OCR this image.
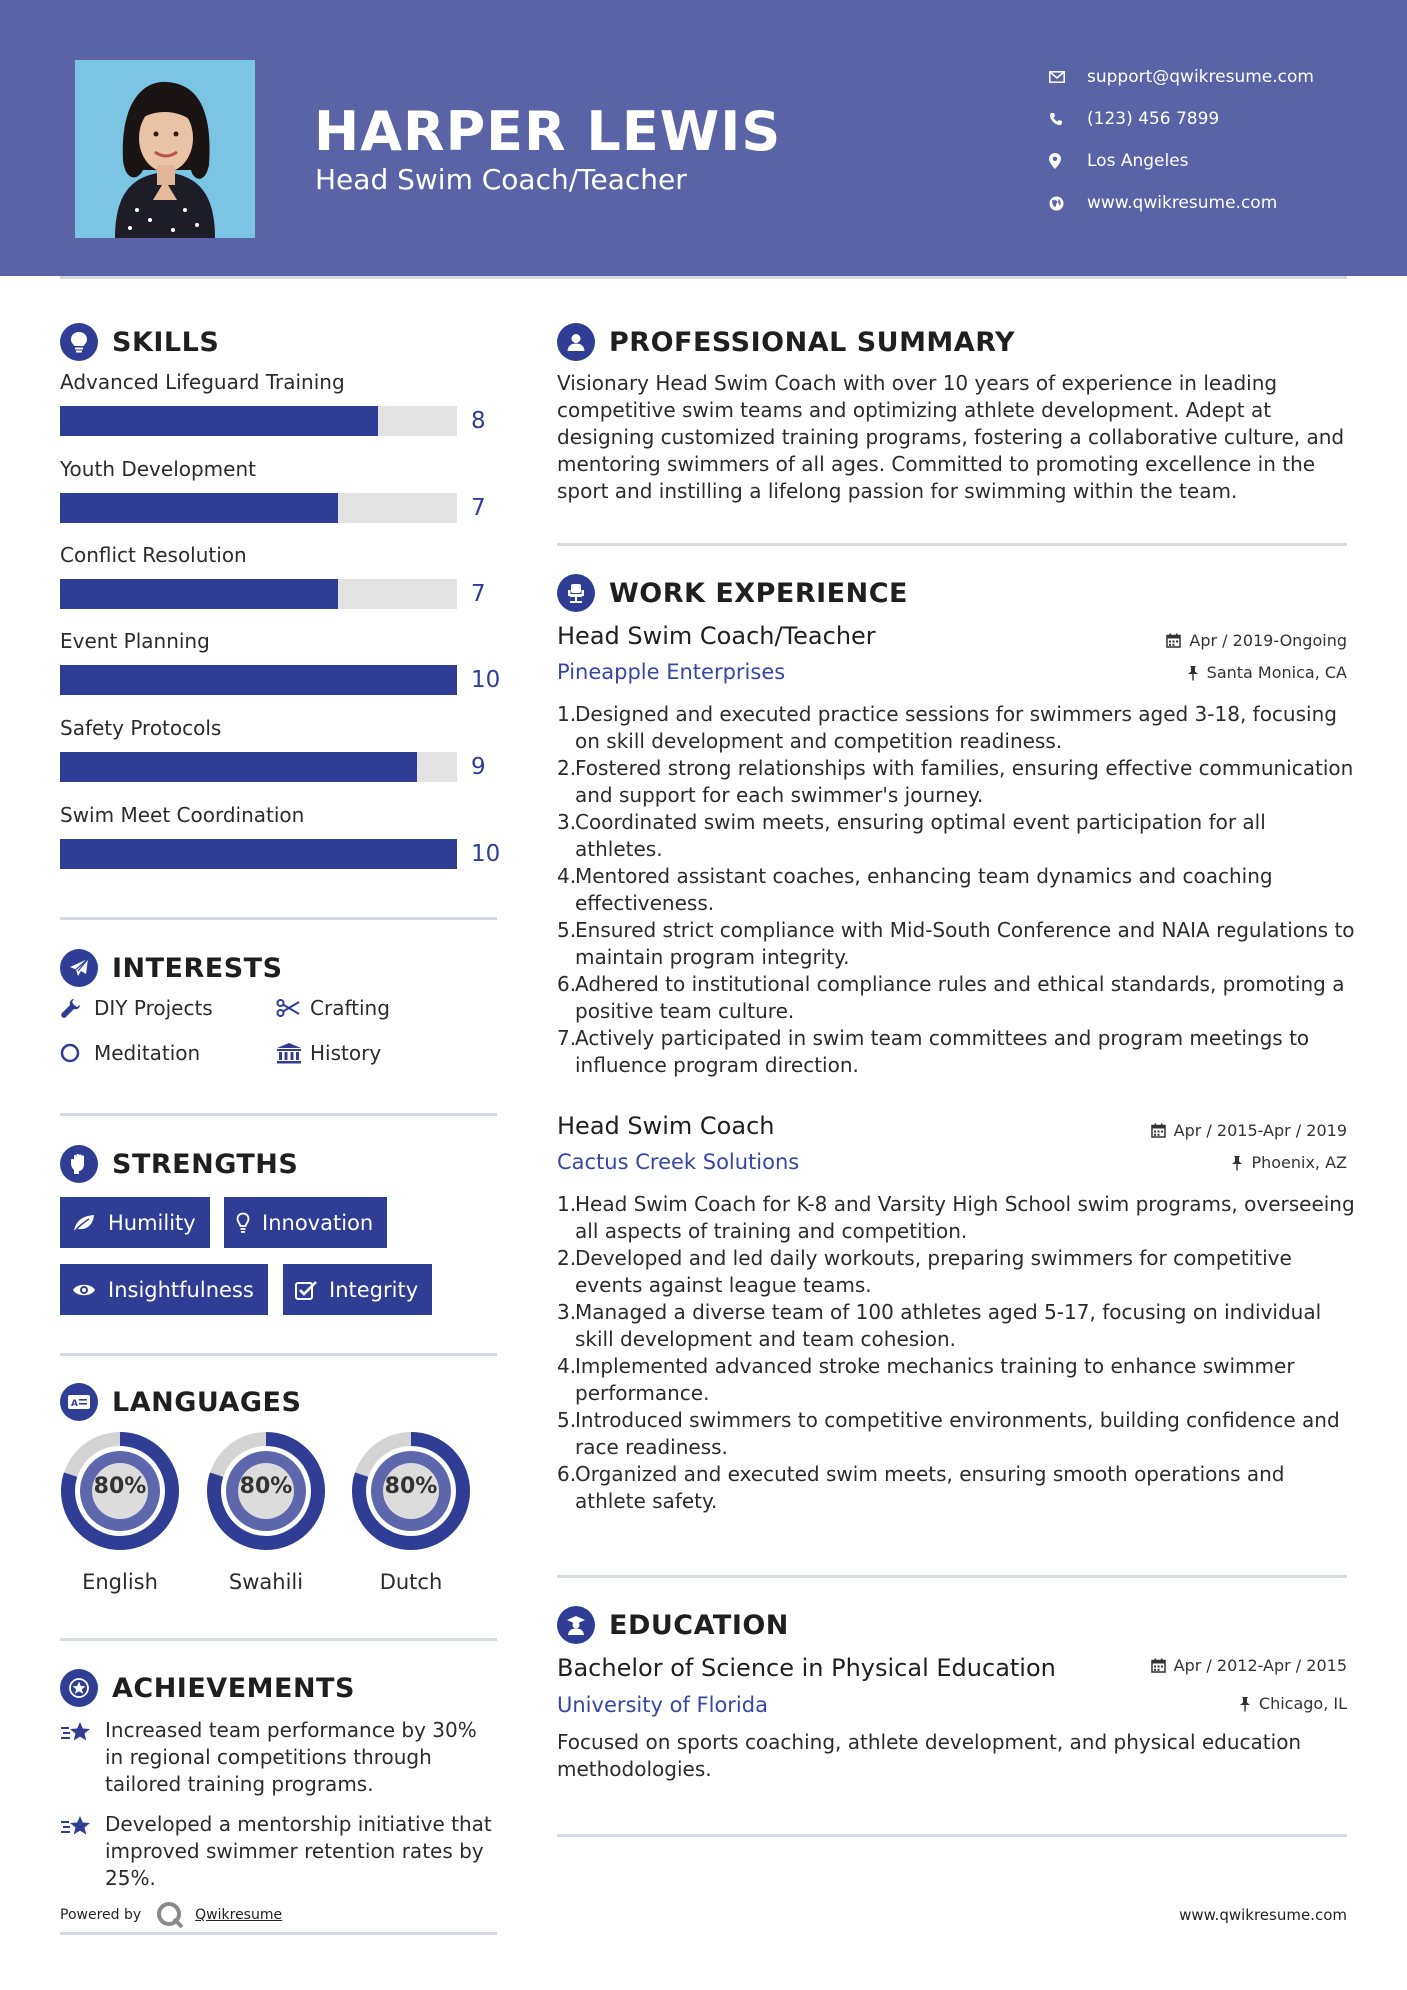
HARPER LEWIS
Head Swim Coach/Teacher
support@qwikresume.com
(123) 456 7899
Los Angeles
www.qwikresume.com
SKILLS
Advanced Lifeguard Training
8
Youth Development
7
Conflict Resolution
7
Event Planning
10
Safety Protocols
9
Swim Meet Coordination
10
INTERESTS
DIY Projects	Crafting
Meditation	History
STRENGTHS
Humility	Innovation
Insightfulness	Integrity
A LANGUAGES
80%
English
80%
Swahili
80%
Dutch
ACHIEVEMENTS
Increased team performance by 30% in regional competitions through tailored training programs.
Developed a mentorship initiative that improved swimmer retention rates by 25%.
Powered by	Qwikresume
PROFESSIONAL SUMMARY
Visionary Head Swim Coach with over 10 years of experience in leading competitive swim teams and optimizing athlete development. Adept at designing customized training programs, fostering a collaborative culture, and mentoring swimmers of all ages. Committed to promoting excellence in the sport and instilling a lifelong passion for swimming within the team.
WORK EXPERIENCE
Head Swim Coach/Teacher	Apr / 2019-Ongoing
Pineapple Enterprises	Santa Monica, CA
1.
Designed and executed practice sessions for swimmers aged 3-18, focusing on skill development and competition readiness.
2.
Fostered strong relationships with families, ensuring effective communication and support for each swimmer's journey.
3.
Coordinated swim meets, ensuring optimal event participation for all athletes.
4.
Mentored assistant coaches, enhancing team dynamics and coaching effectiveness.
5.
Ensured strict compliance with Mid-South Conference and NAIA regulations to maintain program integrity.
6.
Adhered to institutional compliance rules and ethical standards, promoting a positive team culture.
7.
Actively participated in swim team committees and program meetings to influence program direction.
Head Swim Coach	Apr / 2015-Apr / 2019
Cactus Creek Solutions	Phoenix, AZ
1.
Head Swim Coach for K-8 and Varsity High School swim programs, overseeing all aspects of training and competition.
2.
Developed and led daily workouts, preparing swimmers for competitive events against league teams.
3.
Managed a diverse team of 100 athletes aged 5-17, focusing on individual skill development and team cohesion.
4.
Implemented advanced stroke mechanics training to enhance swimmer performance.
5.
Introduced swimmers to competitive environments, building confidence and race readiness.
6.
Organized and executed swim meets, ensuring smooth operations and athlete safety.
EDUCATION
Bachelor of Science in Physical Education	Apr / 2012-Apr / 2015
University of Florida	Chicago, IL
Focused on sports coaching, athlete development, and physical education methodologies.
www.qwikresume.com
